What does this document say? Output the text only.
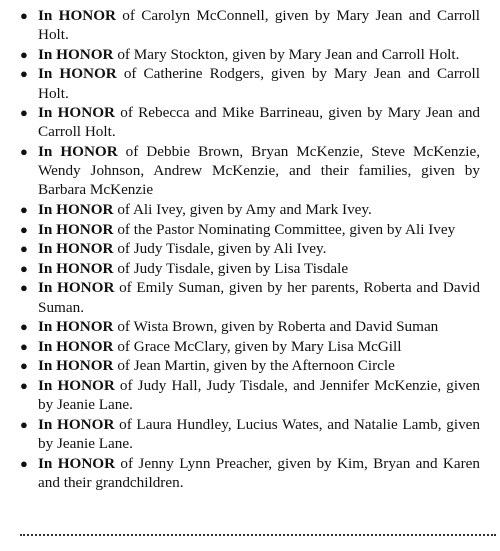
● In HONOR of Carolyn McConnell, given by Mary Jean and Carroll Holt.
● In HONOR of Mary Stockton, given by Mary Jean and Carroll Holt.
● In HONOR of Catherine Rodgers, given by Mary Jean and Carroll Holt.
● In HONOR of Rebecca and Mike Barrineau, given by Mary Jean and Carroll Holt.
● In HONOR of Debbie Brown, Bryan McKenzie, Steve McKenzie, Wendy Johnson, Andrew McKenzie, and their families, given by Barbara McKenzie
● In HONOR of Ali Ivey, given by Amy and Mark Ivey.
● In HONOR of the Pastor Nominating Committee, given by Ali Ivey
● In HONOR of Judy Tisdale, given by Ali Ivey.
● In HONOR of Judy Tisdale, given by Lisa Tisdale
● In HONOR of Emily Suman, given by her parents, Roberta and David Suman.
● In HONOR of Wista Brown, given by Roberta and David Suman
● In HONOR of Grace McClary, given by Mary Lisa McGill
● In HONOR of Jean Martin, given by the Afternoon Circle
● In HONOR of Judy Hall, Judy Tisdale, and Jennifer McKenzie, given by Jeanie Lane.
● In HONOR of Laura Hundley, Lucius Wates, and Natalie Lamb, given by Jeanie Lane.
● In HONOR of Jenny Lynn Preacher, given by Kim, Bryan and Karen and their grandchildren.
